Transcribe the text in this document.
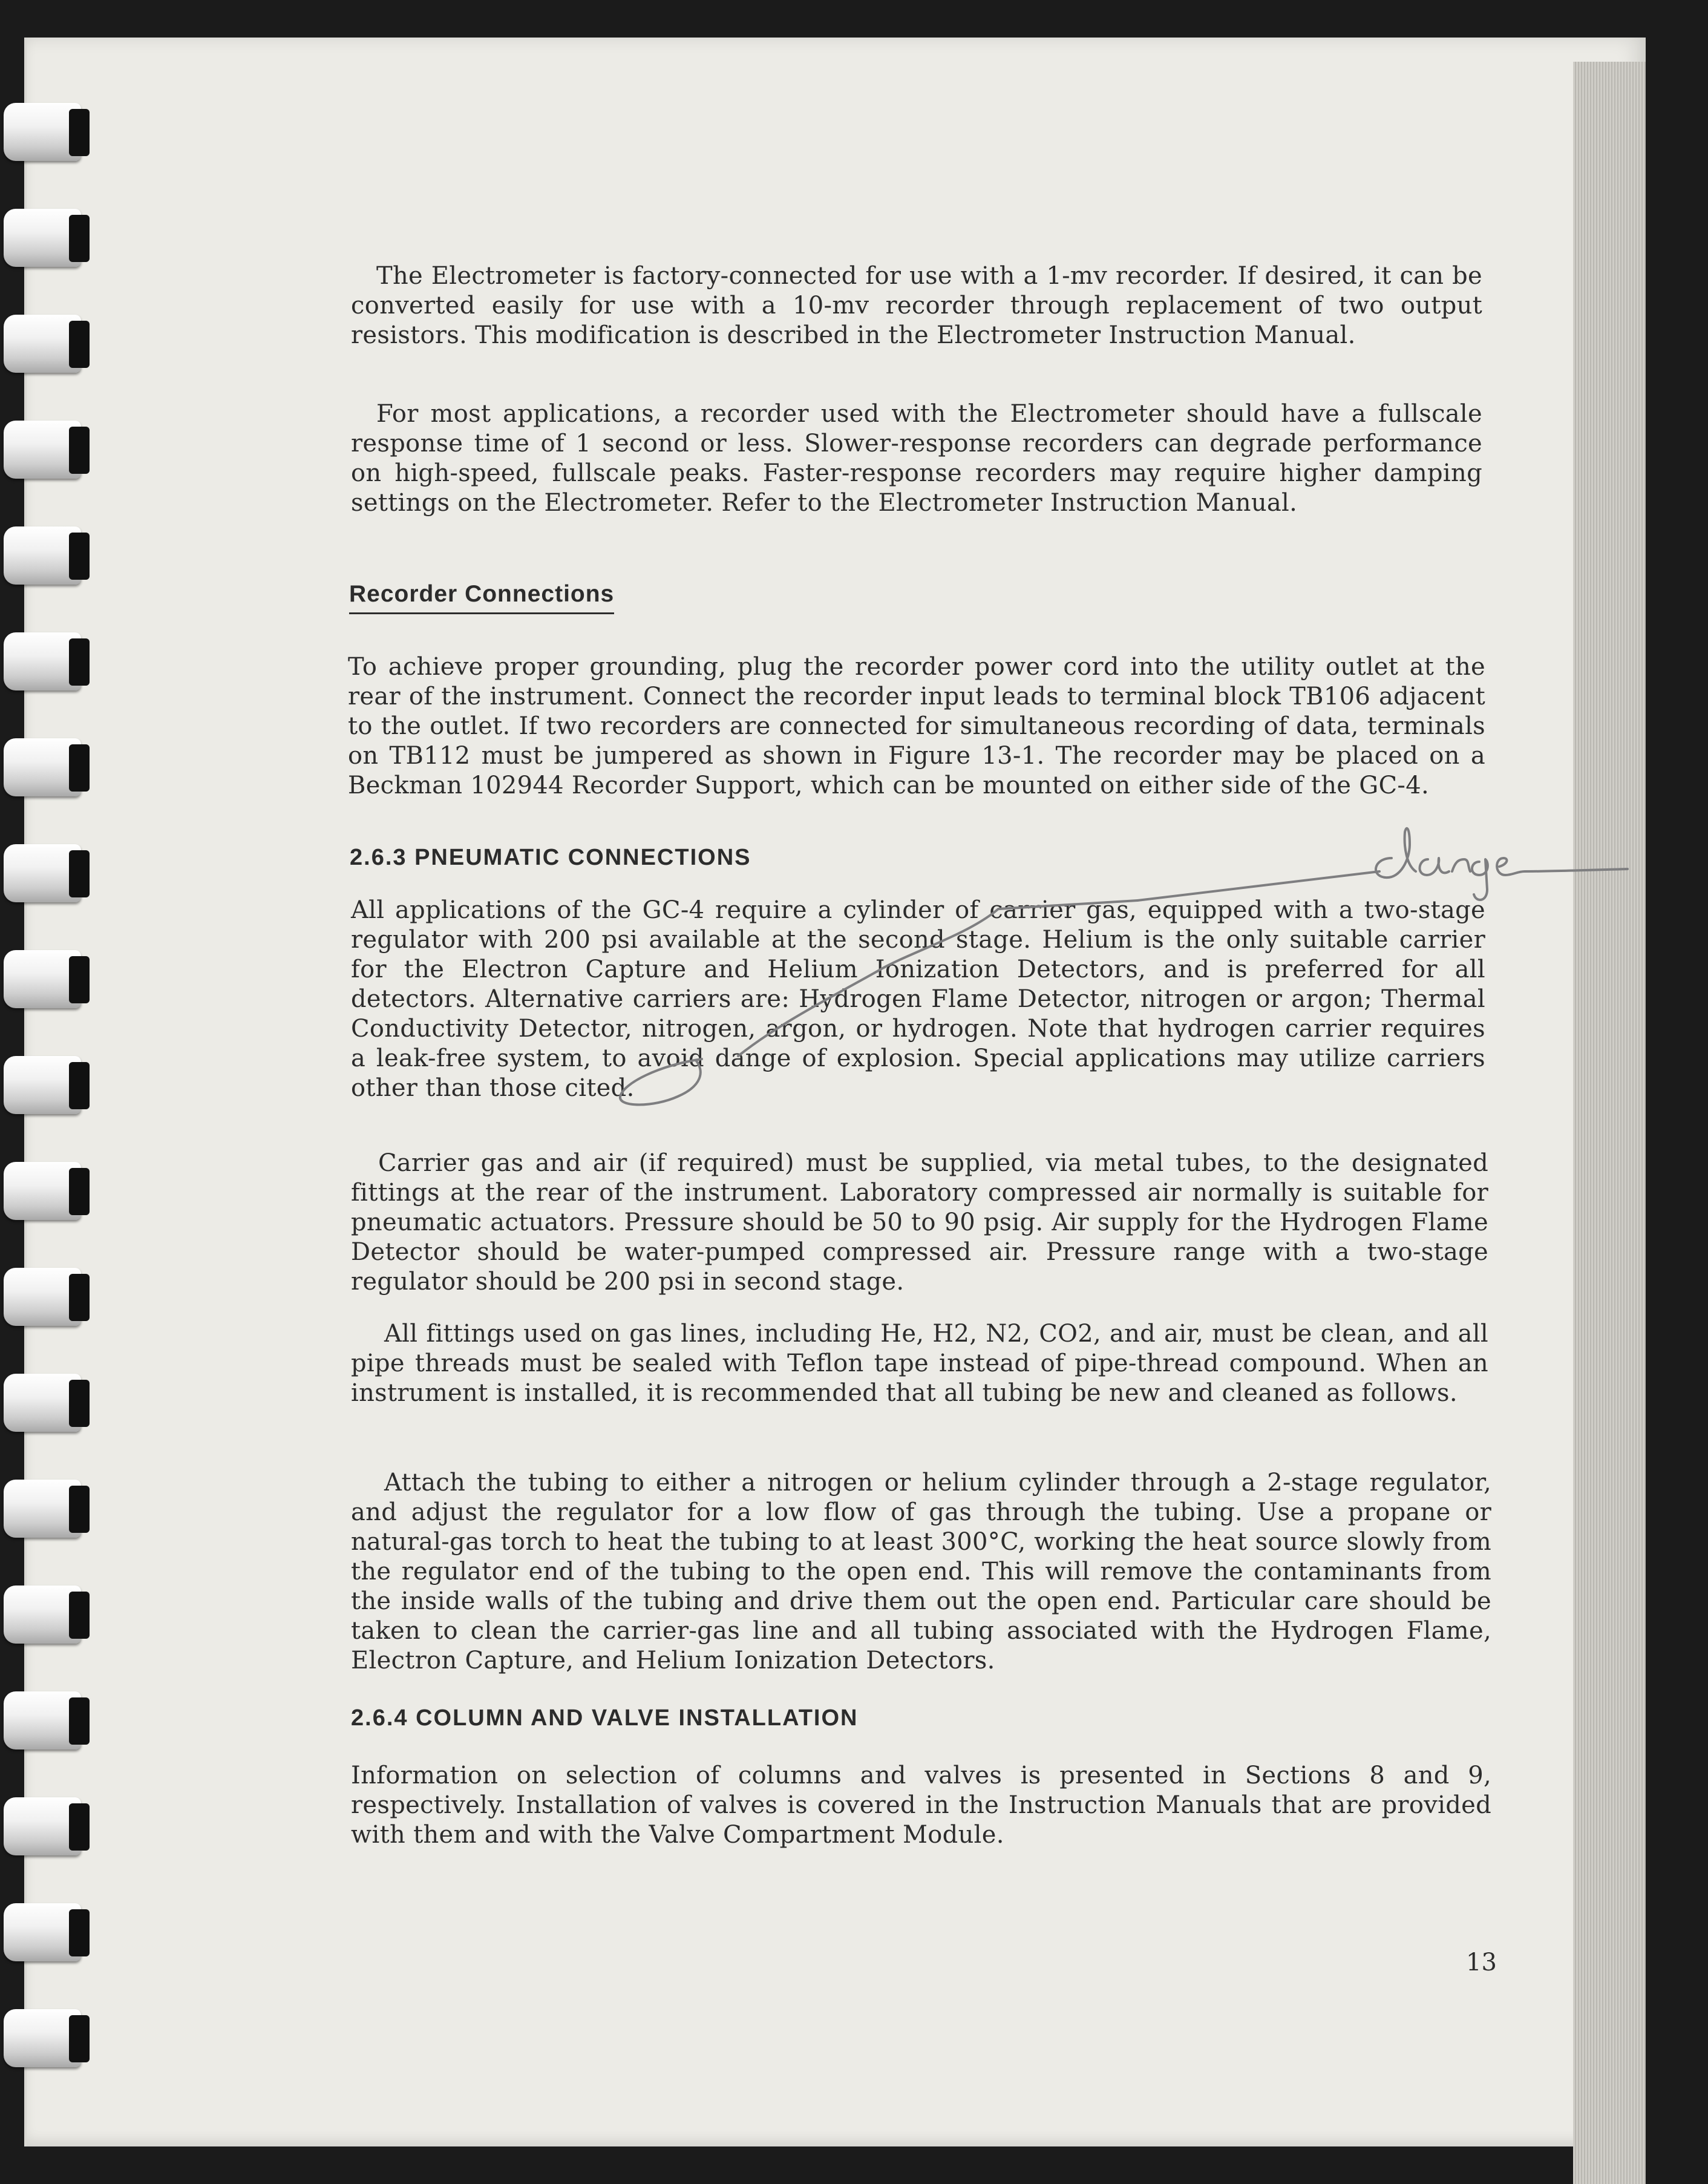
The Electrometer is factory-connected for use with a 1-mv recorder. If desired, it can be converted easily for use with a 10-mv recorder through replacement of two output resistors. This modification is described in the Electrometer Instruction Manual.

For most applications, a recorder used with the Electrometer should have a fullscale response time of 1 second or less. Slower-response recorders can degrade performance on high-speed, fullscale peaks. Faster-response recorders may require higher damping settings on the Electrometer. Refer to the Electrometer Instruction Manual.

Recorder Connections

To achieve proper grounding, plug the recorder power cord into the utility outlet at the rear of the instrument. Connect the recorder input leads to terminal block TB106 adjacent to the outlet. If two recorders are connected for simultaneous recording of data, terminals on TB112 must be jumpered as shown in Figure 13-1. The recorder may be placed on a Beckman 102944 Recorder Support, which can be mounted on either side of the GC-4.

2.6.3 PNEUMATIC CONNECTIONS

All applications of the GC-4 require a cylinder of carrier gas, equipped with a two-stage regulator with 200 psi available at the second stage. Helium is the only suitable carrier for the Electron Capture and Helium Ionization Detectors, and is preferred for all detectors. Alternative carriers are: Hydrogen Flame Detector, nitrogen or argon; Thermal Conductivity Detector, nitrogen, argon, or hydrogen. Note that hydrogen carrier requires a leak-free system, to avoid dange of explosion. Special applications may utilize carriers other than those cited.

Carrier gas and air (if required) must be supplied, via metal tubes, to the designated fittings at the rear of the instrument. Laboratory compressed air normally is suitable for pneumatic actuators. Pressure should be 50 to 90 psig. Air supply for the Hydrogen Flame Detector should be water-pumped compressed air. Pressure range with a two-stage regulator should be 200 psi in second stage.

All fittings used on gas lines, including He, H2, N2, CO2, and air, must be clean, and all pipe threads must be sealed with Teflon tape instead of pipe-thread compound. When an instrument is installed, it is recommended that all tubing be new and cleaned as follows.

Attach the tubing to either a nitrogen or helium cylinder through a 2-stage regulator, and adjust the regulator for a low flow of gas through the tubing. Use a propane or natural-gas torch to heat the tubing to at least 300°C, working the heat source slowly from the regulator end of the tubing to the open end. This will remove the contaminants from the inside walls of the tubing and drive them out the open end. Particular care should be taken to clean the carrier-gas line and all tubing associated with the Hydrogen Flame, Electron Capture, and Helium Ionization Detectors.

2.6.4 COLUMN AND VALVE INSTALLATION

Information on selection of columns and valves is presented in Sections 8 and 9, respectively. Installation of valves is covered in the Instruction Manuals that are provided with them and with the Valve Compartment Module.

13
